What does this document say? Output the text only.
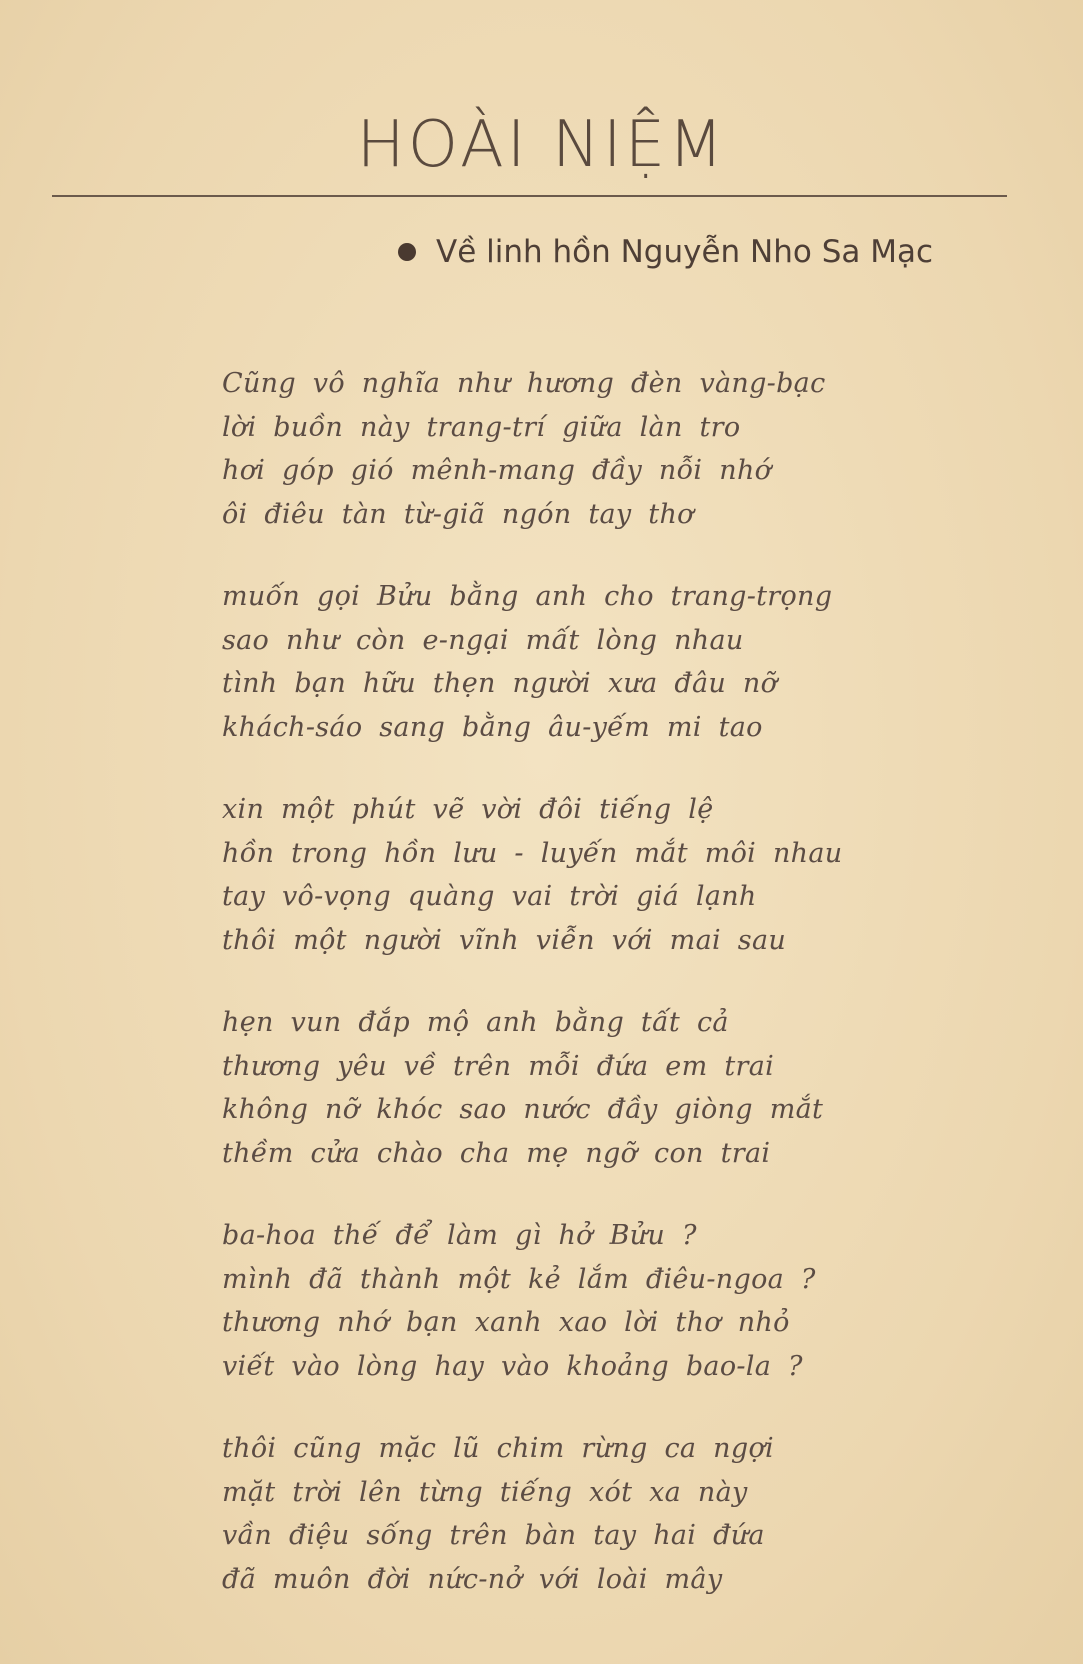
HOÀI NIỆM
Về linh hồn Nguyễn Nho Sa Mạc
Cũng vô nghĩa như hương đèn vàng-bạc
lời buồn này trang-trí giữa làn tro
hơi góp gió mênh-mang đầy nỗi nhớ
ôi điêu tàn từ-giã ngón tay thơ
muốn gọi Bửu bằng anh cho trang-trọng
sao như còn e-ngại mất lòng nhau
tình bạn hữu thẹn người xưa đâu nỡ
khách-sáo sang bằng âu-yếm mi tao
xin một phút vẽ vời đôi tiếng lệ
hồn trong hồn lưu - luyến mắt môi nhau
tay vô-vọng quàng vai trời giá lạnh
thôi một người vĩnh viễn với mai sau
hẹn vun đắp mộ anh bằng tất cả
thương yêu về trên mỗi đứa em trai
không nỡ khóc sao nước đầy giòng mắt
thềm cửa chào cha mẹ ngỡ con trai
ba-hoa thế để làm gì hở Bửu ?
mình đã thành một kẻ lắm điêu-ngoa ?
thương nhớ bạn xanh xao lời thơ nhỏ
viết vào lòng hay vào khoảng bao-la ?
thôi cũng mặc lũ chim rừng ca ngợi
mặt trời lên từng tiếng xót xa này
vần điệu sống trên bàn tay hai đứa
đã muôn đời nức-nở với loài mây
